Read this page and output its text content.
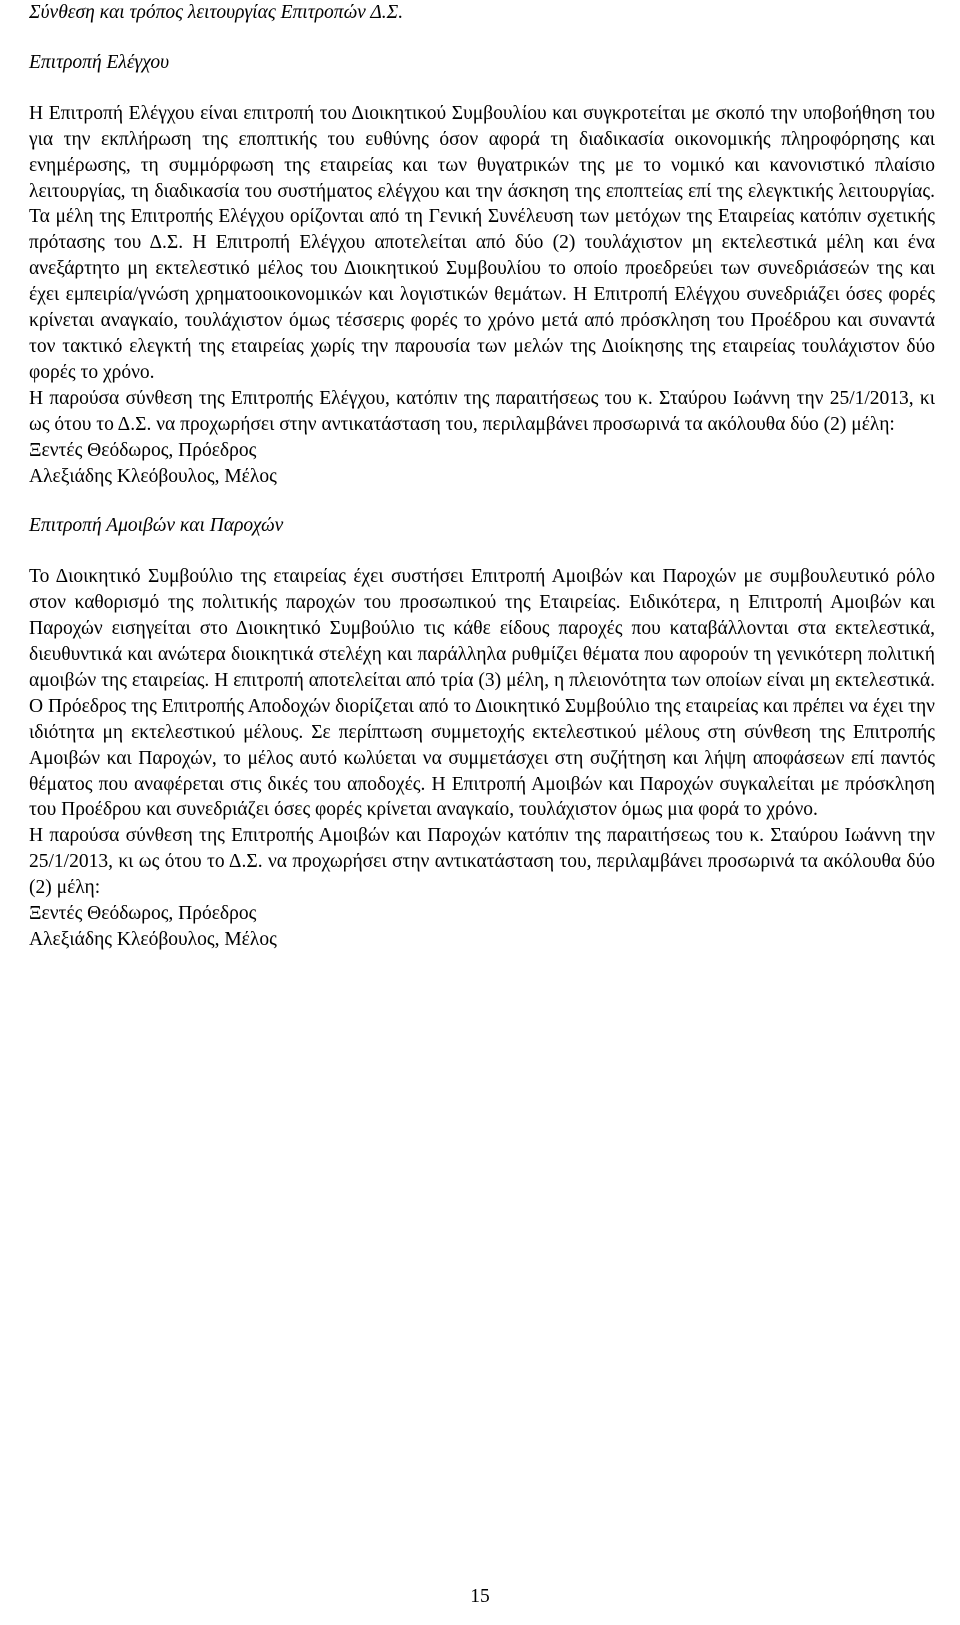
Σύνθεση και τρόπος λειτουργίας Επιτροπών Δ.Σ.

Επιτροπή Ελέγχου

Η Επιτροπή Ελέγχου είναι επιτροπή του Διοικητικού Συμβουλίου και συγκροτείται με σκοπό την υποβοήθηση του για την εκπλήρωση της εποπτικής του ευθύνης όσον αφορά τη διαδικασία οικονομικής πληροφόρησης και ενημέρωσης, τη συμμόρφωση της εταιρείας και των θυγατρικών της με το νομικό και κανονιστικό πλαίσιο λειτουργίας, τη διαδικασία του συστήματος ελέγχου και την άσκηση της εποπτείας επί της ελεγκτικής λειτουργίας. Τα μέλη της Επιτροπής Ελέγχου ορίζονται από τη Γενική Συνέλευση των μετόχων της Εταιρείας κατόπιν σχετικής πρότασης του Δ.Σ. Η Επιτροπή Ελέγχου αποτελείται από δύο (2) τουλάχιστον μη εκτελεστικά μέλη και ένα ανεξάρτητο μη εκτελεστικό μέλος του Διοικητικού Συμβουλίου το οποίο προεδρεύει των συνεδριάσεών της και έχει εμπειρία/γνώση χρηματοοικονομικών και λογιστικών θεμάτων. Η Επιτροπή Ελέγχου συνεδριάζει όσες φορές κρίνεται αναγκαίο, τουλάχιστον όμως τέσσερις φορές το χρόνο μετά από πρόσκληση του Προέδρου και συναντά τον τακτικό ελεγκτή της εταιρείας χωρίς την παρουσία των μελών της Διοίκησης της εταιρείας τουλάχιστον δύο φορές το χρόνο.

Η παρούσα σύνθεση της Επιτροπής Ελέγχου, κατόπιν της παραιτήσεως του κ. Σταύρου Ιωάννη την 25/1/2013, κι ως ότου το Δ.Σ. να προχωρήσει στην αντικατάσταση του, περιλαμβάνει προσωρινά τα ακόλουθα δύο (2) μέλη:

Ξεντές Θεόδωρος, Πρόεδρος

Αλεξιάδης Κλεόβουλος, Μέλος

Επιτροπή Αμοιβών και Παροχών

Το Διοικητικό Συμβούλιο της εταιρείας έχει συστήσει Επιτροπή Αμοιβών και Παροχών με συμβουλευτικό ρόλο στον καθορισμό της πολιτικής παροχών του προσωπικού της Εταιρείας. Ειδικότερα, η Επιτροπή Αμοιβών και Παροχών εισηγείται στο Διοικητικό Συμβούλιο τις κάθε είδους παροχές που καταβάλλονται στα εκτελεστικά, διευθυντικά και ανώτερα διοικητικά στελέχη και παράλληλα ρυθμίζει θέματα που αφορούν τη γενικότερη πολιτική αμοιβών της εταιρείας. Η επιτροπή αποτελείται από τρία (3) μέλη, η πλειονότητα των οποίων είναι μη εκτελεστικά. Ο Πρόεδρος της Επιτροπής Αποδοχών διορίζεται από το Διοικητικό Συμβούλιο της εταιρείας και πρέπει να έχει την ιδιότητα μη εκτελεστικού μέλους. Σε περίπτωση συμμετοχής εκτελεστικού μέλους στη σύνθεση της Επιτροπής Αμοιβών και Παροχών, το μέλος αυτό κωλύεται να συμμετάσχει στη συζήτηση και λήψη αποφάσεων επί παντός θέματος που αναφέρεται στις δικές του αποδοχές. Η Επιτροπή Αμοιβών και Παροχών συγκαλείται με πρόσκληση του Προέδρου και συνεδριάζει όσες φορές κρίνεται αναγκαίο, τουλάχιστον όμως μια φορά το χρόνο.

Η παρούσα σύνθεση της Επιτροπής Αμοιβών και Παροχών κατόπιν της παραιτήσεως του κ. Σταύρου Ιωάννη την 25/1/2013, κι ως ότου το Δ.Σ. να προχωρήσει στην αντικατάσταση του, περιλαμβάνει προσωρινά τα ακόλουθα δύο (2) μέλη:

Ξεντές Θεόδωρος, Πρόεδρος

Αλεξιάδης Κλεόβουλος, Μέλος

15
